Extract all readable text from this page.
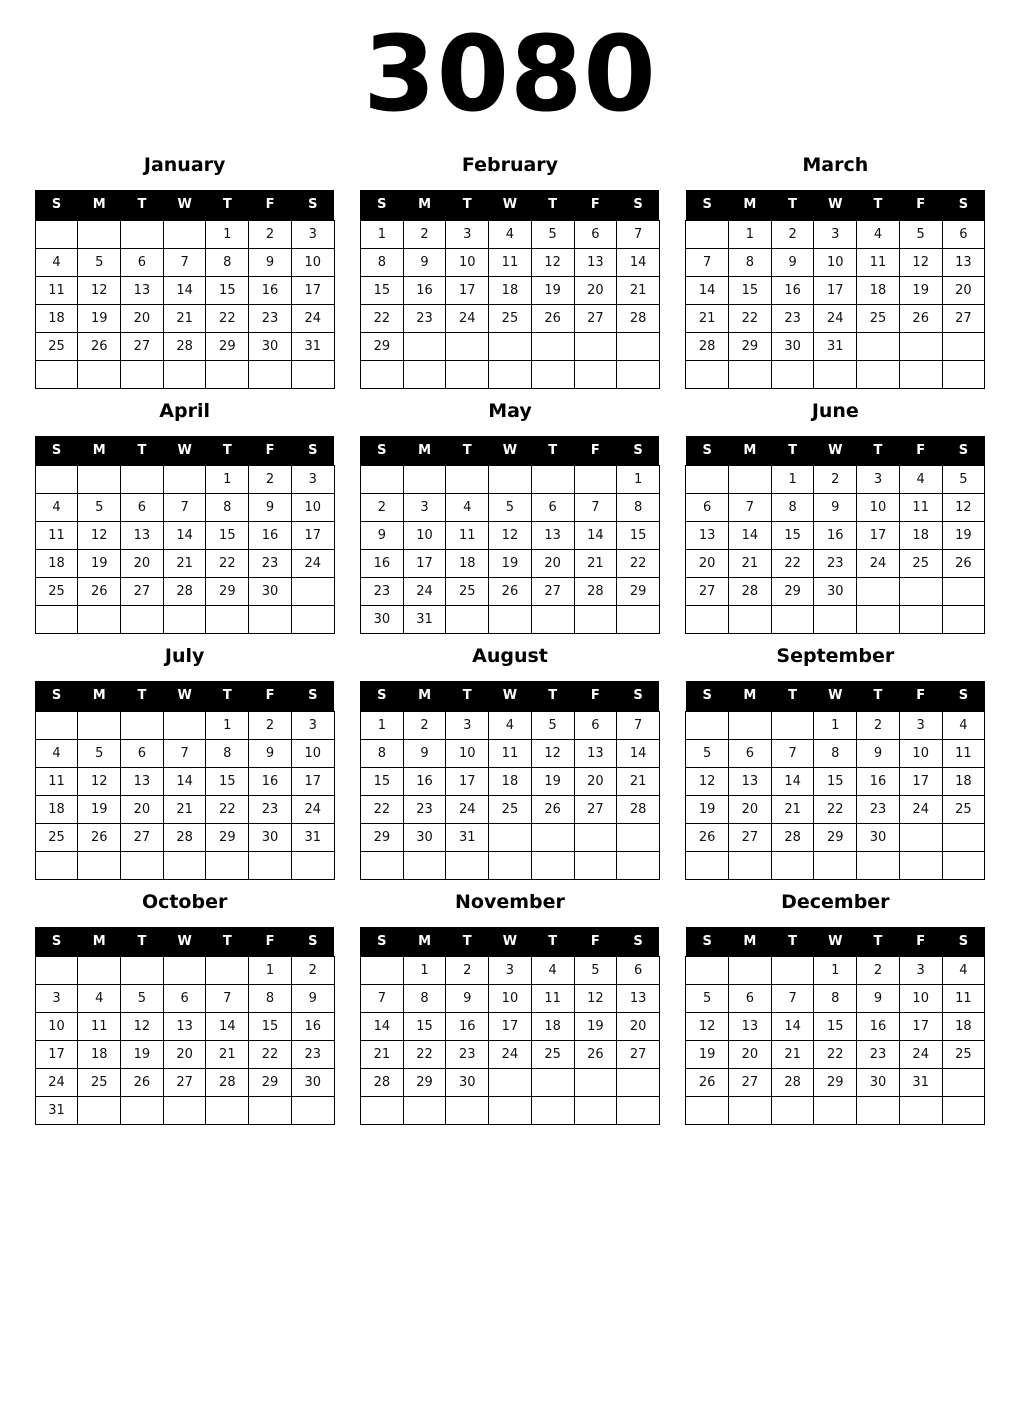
3080
January
S	M	T	W	T	F	S
				1	2	3
4	5	6	7	8	9	10
11	12	13	14	15	16	17
18	19	20	21	22	23	24
25	26	27	28	29	30	31

February
S	M	T	W	T	F	S
1	2	3	4	5	6	7
8	9	10	11	12	13	14
15	16	17	18	19	20	21
22	23	24	25	26	27	28
29						

March
S	M	T	W	T	F	S
	1	2	3	4	5	6
7	8	9	10	11	12	13
14	15	16	17	18	19	20
21	22	23	24	25	26	27
28	29	30	31			

April
S	M	T	W	T	F	S
				1	2	3
4	5	6	7	8	9	10
11	12	13	14	15	16	17
18	19	20	21	22	23	24
25	26	27	28	29	30	

May
S	M	T	W	T	F	S
						1
2	3	4	5	6	7	8
9	10	11	12	13	14	15
16	17	18	19	20	21	22
23	24	25	26	27	28	29
30	31					
June
S	M	T	W	T	F	S
		1	2	3	4	5
6	7	8	9	10	11	12
13	14	15	16	17	18	19
20	21	22	23	24	25	26
27	28	29	30			

July
S	M	T	W	T	F	S
				1	2	3
4	5	6	7	8	9	10
11	12	13	14	15	16	17
18	19	20	21	22	23	24
25	26	27	28	29	30	31

August
S	M	T	W	T	F	S
1	2	3	4	5	6	7
8	9	10	11	12	13	14
15	16	17	18	19	20	21
22	23	24	25	26	27	28
29	30	31				

September
S	M	T	W	T	F	S
			1	2	3	4
5	6	7	8	9	10	11
12	13	14	15	16	17	18
19	20	21	22	23	24	25
26	27	28	29	30		

October
S	M	T	W	T	F	S
					1	2
3	4	5	6	7	8	9
10	11	12	13	14	15	16
17	18	19	20	21	22	23
24	25	26	27	28	29	30
31						
November
S	M	T	W	T	F	S
	1	2	3	4	5	6
7	8	9	10	11	12	13
14	15	16	17	18	19	20
21	22	23	24	25	26	27
28	29	30				

December
S	M	T	W	T	F	S
			1	2	3	4
5	6	7	8	9	10	11
12	13	14	15	16	17	18
19	20	21	22	23	24	25
26	27	28	29	30	31	
